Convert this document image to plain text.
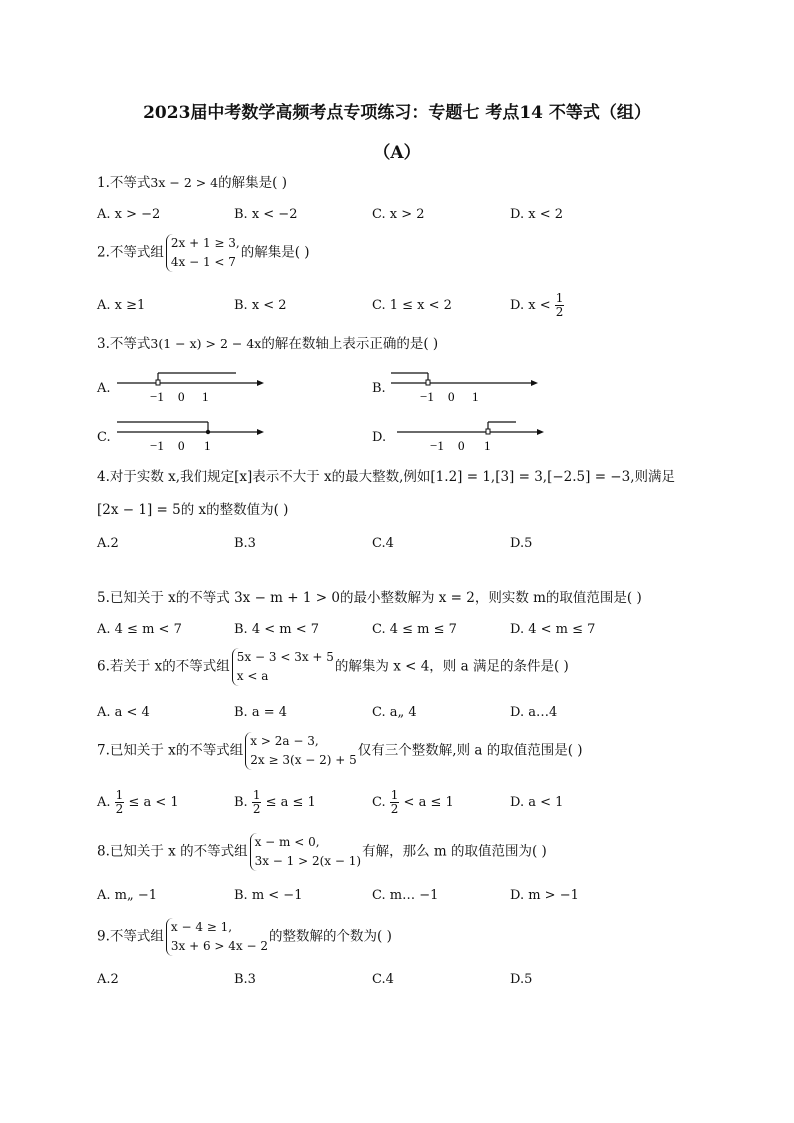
2023届中考数学高频考点专项练习：专题七 考点14 不等式（组）
（A）
1.不等式3x − 2 > 4的解集是( )
A. x > −2	B. x < −2	C. x > 2	D. x < 2
2.不等式组
2x + 1 ≥ 3,
4x − 1 < 7
的解集是( )
A. x ≥1	B. x < 2	C. 1 ≤ x < 2	D. $x < \frac{1}{2}$
3.不等式3(1 − x) > 2 − 4x的解在数轴上表示正确的是( )
A.
−1 0 1
B.
−1 0 1
C.
−1 0 1
D.
−1 0 1
4.对于实数 x,我们规定[x]表示不大于 x的最大整数,例如[1.2] = 1,[3] = 3,[−2.5] = −3,则满足
[2x − 1] = 5的 x的整数值为( )
A.2	B.3	C.4	D.5
5.已知关于 x的不等式 3x − m + 1 > 0的最小整数解为 x = 2，则实数 m的取值范围是( )
A. 4 ≤ m < 7	B. 4 < m < 7	C. 4 ≤ m ≤ 7	D. 4 < m ≤ 7
6.若关于 x的不等式组
5x − 3 < 3x + 5
x < a
的解集为 x < 4，则 a 满足的条件是( )
A. a < 4	B. a = 4	C. a„ 4	D. a…4
7.已知关于 x的不等式组
x > 2a − 3,
2x ≥ 3(x − 2) + 5
仅有三个整数解,则 a 的取值范围是( )
A. $\frac{1}{2} \le a < 1$	B. $\frac{1}{2} \le a \le 1$	C. $\frac{1}{2} < a \le 1$	D. a < 1
8.已知关于 x 的不等式组
x − m < 0,
3x − 1 > 2(x − 1)
有解，那么 m 的取值范围为( )
A. m„ −1	B. m < −1	C. m… −1	D. m > −1
9.不等式组
x − 4 ≥ 1,
3x + 6 > 4x − 2
的整数解的个数为( )
A.2	B.3	C.4	D.5
